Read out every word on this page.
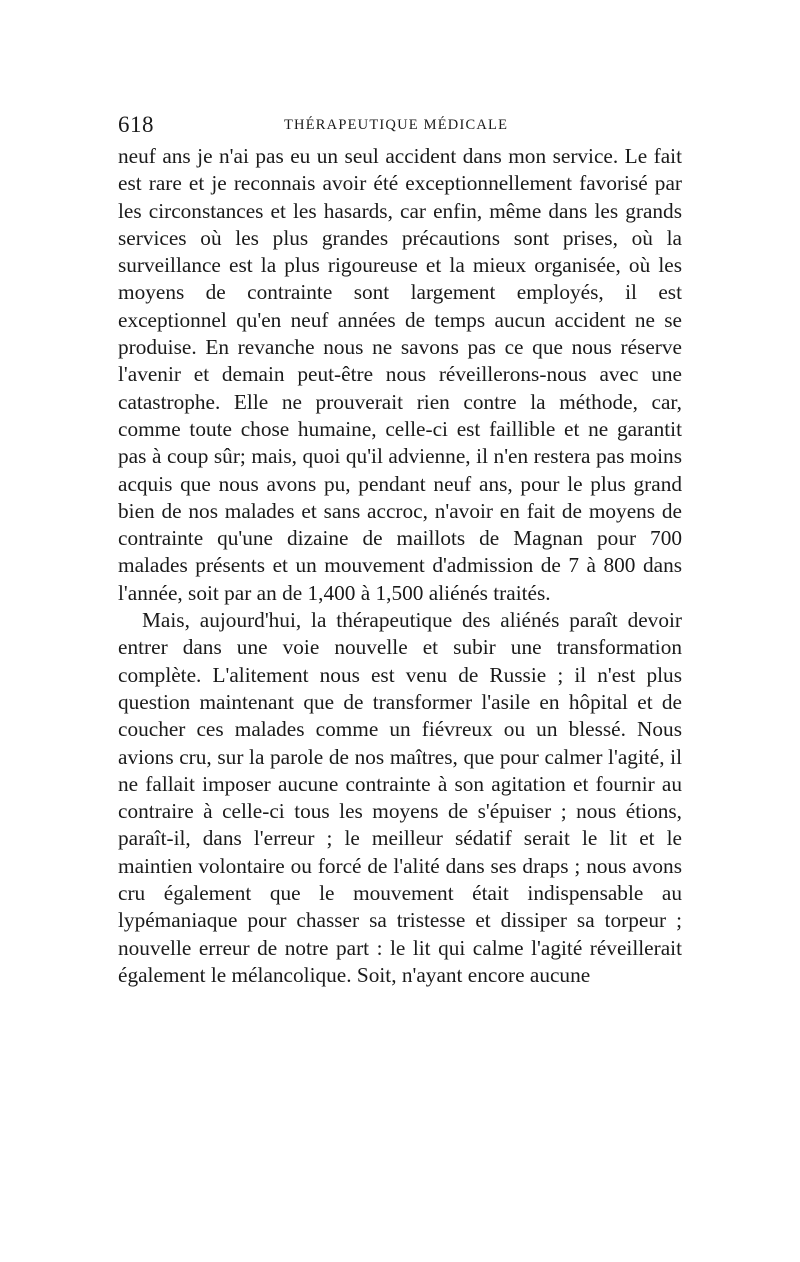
618	THÉRAPEUTIQUE MÉDICALE

neuf ans je n'ai pas eu un seul accident dans mon service. Le fait est rare et je reconnais avoir été exceptionnellement favorisé par les circonstances et les hasards, car enfin, même dans les grands services où les plus grandes précautions sont prises, où la surveillance est la plus rigoureuse et la mieux organisée, où les moyens de contrainte sont largement employés, il est exceptionnel qu'en neuf années de temps aucun accident ne se produise. En revanche nous ne savons pas ce que nous réserve l'avenir et demain peut-être nous réveillerons-nous avec une catastrophe. Elle ne prouverait rien contre la méthode, car, comme toute chose humaine, celle-ci est faillible et ne garantit pas à coup sûr; mais, quoi qu'il advienne, il n'en restera pas moins acquis que nous avons pu, pendant neuf ans, pour le plus grand bien de nos malades et sans accroc, n'avoir en fait de moyens de contrainte qu'une dizaine de maillots de Magnan pour 700 malades présents et un mouvement d'admission de 7 à 800 dans l'année, soit par an de 1,400 à 1,500 aliénés traités.

Mais, aujourd'hui, la thérapeutique des aliénés paraît devoir entrer dans une voie nouvelle et subir une transformation complète. L'alitement nous est venu de Russie ; il n'est plus question maintenant que de transformer l'asile en hôpital et de coucher ces malades comme un fiévreux ou un blessé. Nous avions cru, sur la parole de nos maîtres, que pour calmer l'agité, il ne fallait imposer aucune contrainte à son agitation et fournir au contraire à celle-ci tous les moyens de s'épuiser ; nous étions, paraît-il, dans l'erreur ; le meilleur sédatif serait le lit et le maintien volontaire ou forcé de l'alité dans ses draps ; nous avons cru également que le mouvement était indispensable au lypémaniaque pour chasser sa tristesse et dissiper sa torpeur ; nouvelle erreur de notre part : le lit qui calme l'agité réveillerait également le mélancolique. Soit, n'ayant encore aucune
